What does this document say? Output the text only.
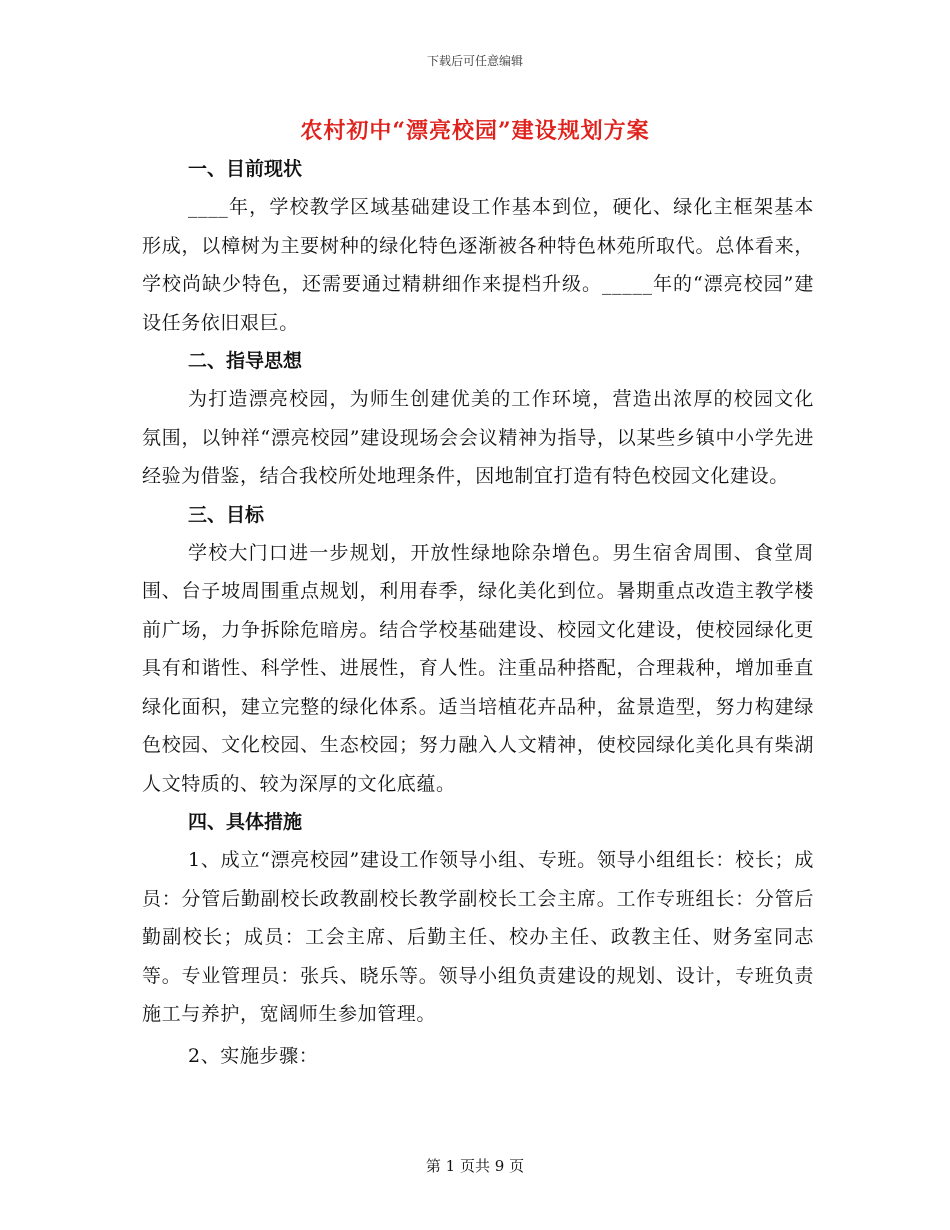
下载后可任意编辑
农村初中“漂亮校园”建设规划方案

一、目前现状

____年，学校教学区域基础建设工作基本到位，硬化、绿化主框架基本形成，以樟树为主要树种的绿化特色逐渐被各种特色林苑所取代。总体看来，学校尚缺少特色，还需要通过精耕细作来提档升级。_____年的“漂亮校园”建设任务依旧艰巨。

二、指导思想

为打造漂亮校园，为师生创建优美的工作环境，营造出浓厚的校园文化氛围，以钟祥“漂亮校园”建设现场会会议精神为指导，以某些乡镇中小学先进经验为借鉴，结合我校所处地理条件，因地制宜打造有特色校园文化建设。

三、目标

学校大门口进一步规划，开放性绿地除杂增色。男生宿舍周围、食堂周围、台子坡周围重点规划，利用春季，绿化美化到位。暑期重点改造主教学楼前广场，力争拆除危暗房。结合学校基础建设、校园文化建设，使校园绿化更具有和谐性、科学性、进展性，育人性。注重品种搭配，合理栽种，增加垂直绿化面积，建立完整的绿化体系。适当培植花卉品种，盆景造型，努力构建绿色校园、文化校园、生态校园；努力融入人文精神，使校园绿化美化具有柴湖人文特质的、较为深厚的文化底蕴。

四、具体措施

1、成立“漂亮校园”建设工作领导小组、专班。领导小组组长：校长；成员：分管后勤副校长政教副校长教学副校长工会主席。工作专班组长：分管后勤副校长；成员：工会主席、后勤主任、校办主任、政教主任、财务室同志等。专业管理员：张兵、晓乐等。领导小组负责建设的规划、设计，专班负责施工与养护，宽阔师生参加管理。

2、实施步骤：

第 1 页共 9 页
